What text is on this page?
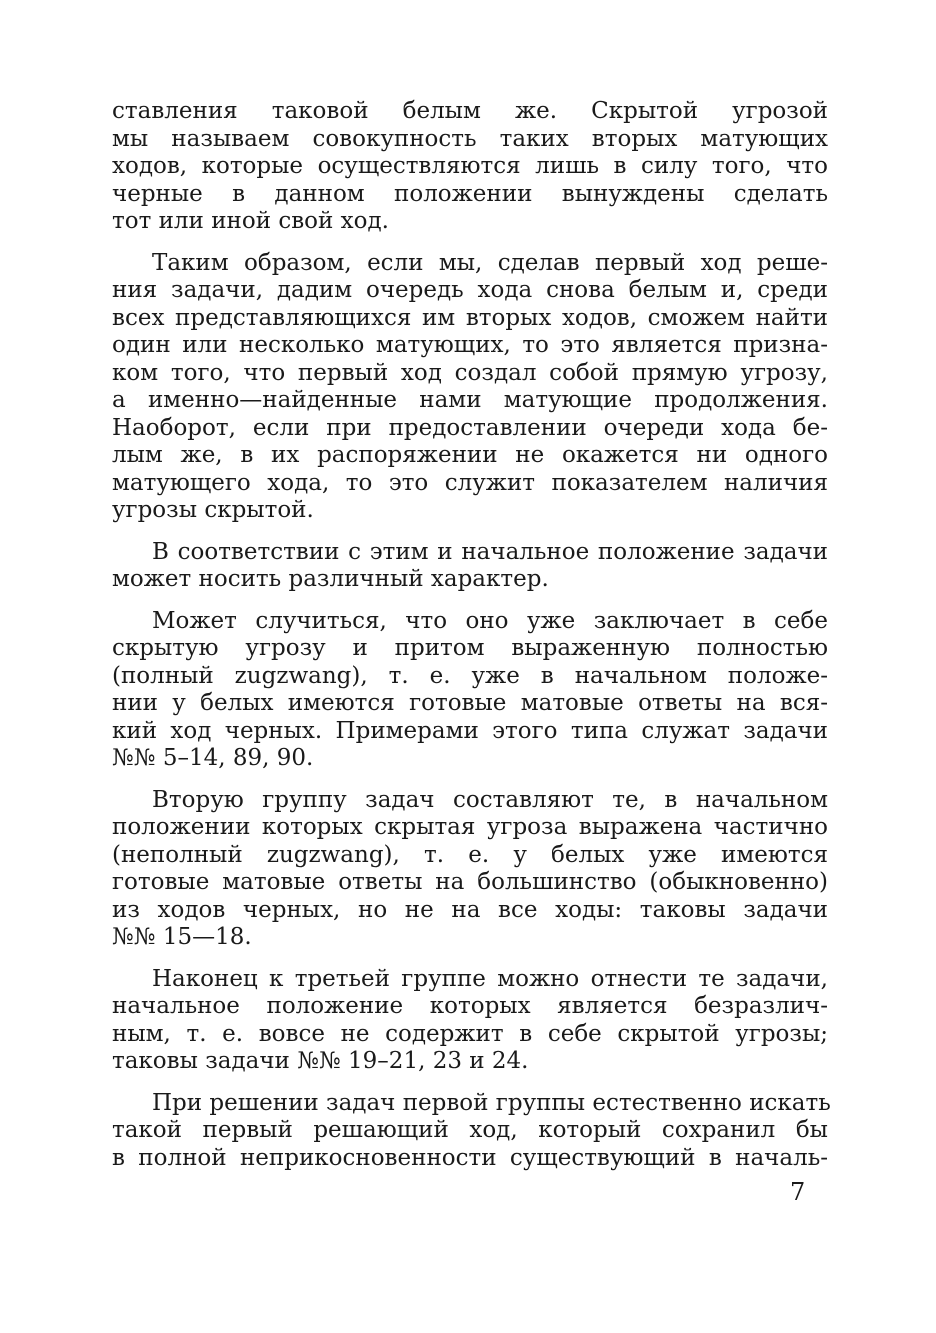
ставления таковой белым же. Скрытой угрозой
мы называем совокупность таких вторых матующих
ходов, которые осуществляются лишь в силу того, что
черные в данном положении вынуждены сделать
тот или иной свой ход.
Таким образом, если мы, сделав первый ход реше-
ния задачи, дадим очередь хода снова белым и, среди
всех представляющихся им вторых ходов, сможем найти
один или несколько матующих, то это является призна-
ком того, что первый ход создал собой прямую угрозу,
а именно—найденные нами матующие продолжения.
Наоборот, если при предоставлении очереди хода бе-
лым же, в их распоряжении не окажется ни одного
матующего хода, то это служит показателем наличия
угрозы скрытой.
В соответствии с этим и начальное положение задачи
может носить различный характер.
Может случиться, что оно уже заключает в себе
скрытую угрозу и притом выраженную полностью
(полный zugzwang), т. е. уже в начальном положе-
нии у белых имеются готовые матовые ответы на вся-
кий ход черных. Примерами этого типа служат задачи
№№ 5–14, 89, 90.
Вторую группу задач составляют те, в начальном
положении которых скрытая угроза выражена частично
(неполный zugzwang), т. е. у белых уже имеются
готовые матовые ответы на большинство (обыкновенно)
из ходов черных, но не на все ходы: таковы задачи
№№ 15—18.
Наконец к третьей группе можно отнести те задачи,
начальное положение которых является безразлич-
ным, т. е. вовсе не содержит в себе скрытой угрозы;
таковы задачи №№ 19–21, 23 и 24.
При решении задач первой группы естественно искать
такой первый решающий ход, который сохранил бы
в полной неприкосновенности существующий в началь-
7
